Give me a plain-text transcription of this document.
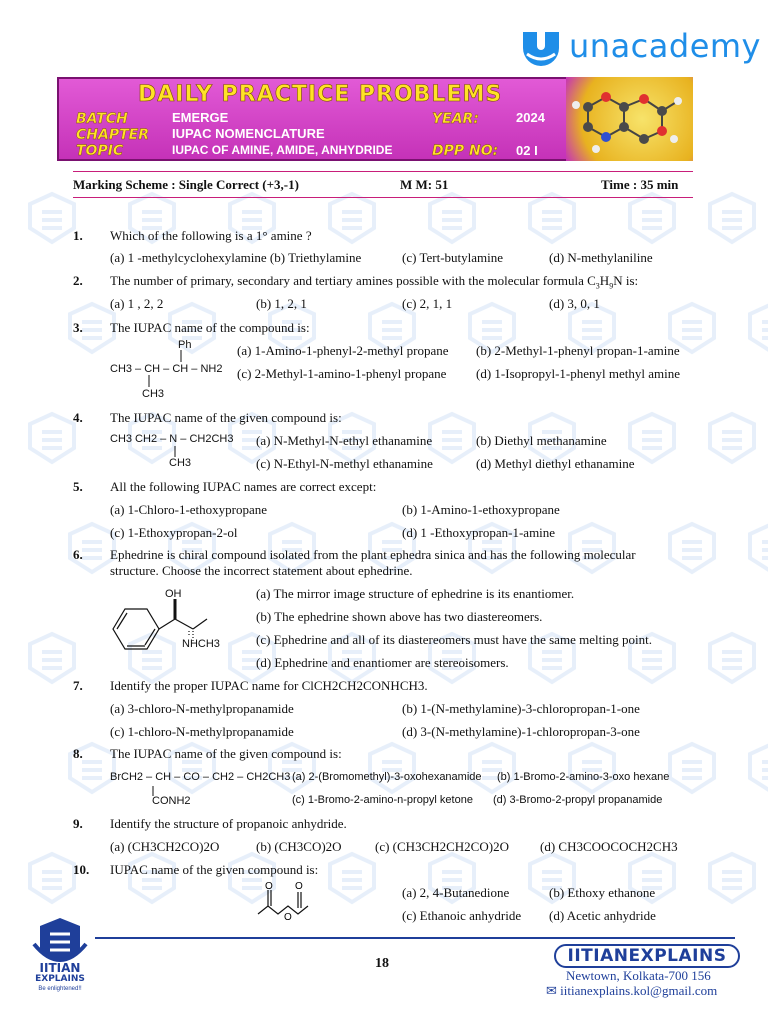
unacademy
DAILY PRACTICE PROBLEMS
BATCH	EMERGE
CHAPTER IUPAC NOMENCLATURE
TOPIC	IUPAC OF AMINE, AMIDE, ANHYDRIDE
YEAR:	2024
DPP NO: 02 I
Marking Scheme : Single Correct (+3,-1)	M M: 51	Time : 35 min
1. Which of the following is a 1° amine ?
(a) 1 -methylcyclohexylamine (b) Triethylamine	(c) Tert-butylamine	(d) N-methylaniline
2. The number of primary, secondary and tertiary amines possible with the molecular formula $C_3H_9N$ is:
(a) 1 , 2, 2	(b) 1, 2, 1	(c) 2, 1, 1	(d) 3, 0, 1
3. The IUPAC name of the compound is:
Ph
CH3 – CH – CH – NH2
CH3
(a) 1-Amino-1-phenyl-2-methyl propane (b) 2-Methyl-1-phenyl propan-1-amine
(c) 2-Methyl-1-amino-1-phenyl propane (d) 1-Isopropyl-1-phenyl methyl amine
4. The IUPAC name of the given compound is:
CH3 CH2 – N – CH2CH3
CH3
(a) N-Methyl-N-ethyl ethanamine	(b) Diethyl methanamine
(c) N-Ethyl-N-methyl ethanamine	(d) Methyl diethyl ethanamine
5. All the following IUPAC names are correct except:
(a) 1-Chloro-1-ethoxypropane	(b) 1-Amino-1-ethoxypropane
(c) 1-Ethoxypropan-2-ol	(d) 1 -Ethoxypropan-1-amine
6. Ephedrine is chiral compound isolated from the plant ephedra sinica and has the following molecular
structure. Choose the incorrect statement about ephedrine.
OH
NHCH3
(a) The mirror image structure of ephedrine is its enantiomer.
(b) The ephedrine shown above has two diastereomers.
(c) Ephedrine and all of its diastereomers must have the same melting point.
(d) Ephedrine and enantiomer are stereoisomers.
7. Identify the proper IUPAC name for ClCH2CH2CONHCH3.
(a) 3-chloro-N-methylpropanamide	(b) 1-(N-methylamine)-3-chloropropan-1-one
(c) 1-chloro-N-methylpropanamide	(d) 3-(N-methylamine)-1-chloropropan-3-one
8. The IUPAC name of the given compound is:
BrCH2 – CH – CO – CH2 – CH2CH3
CONH2
(a) 2-(Bromomethyl)-3-oxohexanamide (b) 1-Bromo-2-amino-3-oxo hexane
(c) 1-Bromo-2-amino-n-propyl ketone (d) 3-Bromo-2-propyl propanamide
9. Identify the structure of propanoic anhydride.
(a) (CH3CH2CO)2O	(b) (CH3CO)2O	(c) (CH3CH2CH2CO)2O (d) CH3COOCOCH2CH3
10. IUPAC name of the given compound is:
O
O
O	(a) 2, 4-Butanedione	(b) Ethoxy ethanone
(c) Ethanoic anhydride (d) Acetic anhydride
IITIAN
EXPLAINS
Be enlightened!!
18	IITIANEXPLAINS
Newtown, Kolkata-700 156
✉ iitianexplains.kol@gmail.com
